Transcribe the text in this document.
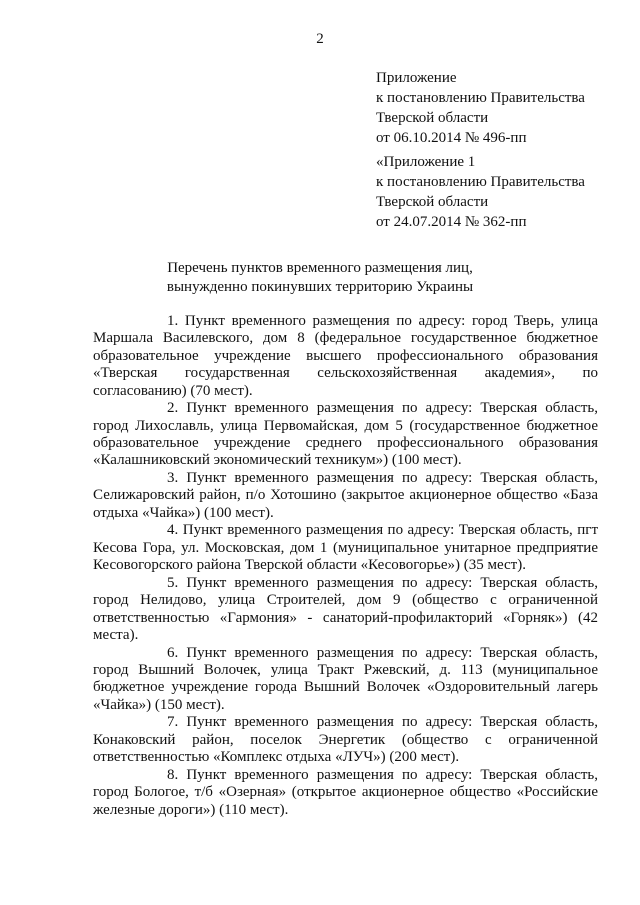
2
Приложение
к постановлению Правительства
Тверской области
от 06.10.2014 № 496-пп
«Приложение 1
к постановлению Правительства
Тверской области
от 24.07.2014 № 362-пп
Перечень пунктов временного размещения лиц,
вынужденно покинувших территорию Украины

1. Пункт временного размещения по адресу: город Тверь, улица Маршала Василевского, дом 8 (федеральное государственное бюджетное образовательное учреждение высшего профессионального образования «Тверская государственная сельскохозяйственная академия», по согласованию) (70 мест).

2. Пункт временного размещения по адресу: Тверская область, город Лихославль, улица Первомайская, дом 5 (государственное бюджетное образовательное учреждение среднего профессионального образования «Калашниковский экономический техникум») (100 мест).

3. Пункт временного размещения по адресу: Тверская область, Селижаровский район, п/о Хотошино (закрытое акционерное общество «База отдыха «Чайка») (100 мест).

4. Пункт временного размещения по адресу: Тверская область, пгт Кесова Гора, ул. Московская, дом 1 (муниципальное унитарное предприятие Кесовогорского района Тверской области «Кесовогорье») (35 мест).

5. Пункт временного размещения по адресу: Тверская область, город Нелидово, улица Строителей, дом 9 (общество с ограниченной ответственностью «Гармония» - санаторий-профилакторий «Горняк») (42 места).

6. Пункт временного размещения по адресу: Тверская область, город Вышний Волочек, улица Тракт Ржевский, д. 113 (муниципальное бюджетное учреждение города Вышний Волочек «Оздоровительный лагерь «Чайка») (150 мест).

7. Пункт временного размещения по адресу: Тверская область, Конаковский район, поселок Энергетик (общество с ограниченной ответственностью «Комплекс отдыха «ЛУЧ») (200 мест).

8. Пункт временного размещения по адресу: Тверская область, город Бологое, т/б «Озерная» (открытое акционерное общество «Российские железные дороги») (110 мест).
